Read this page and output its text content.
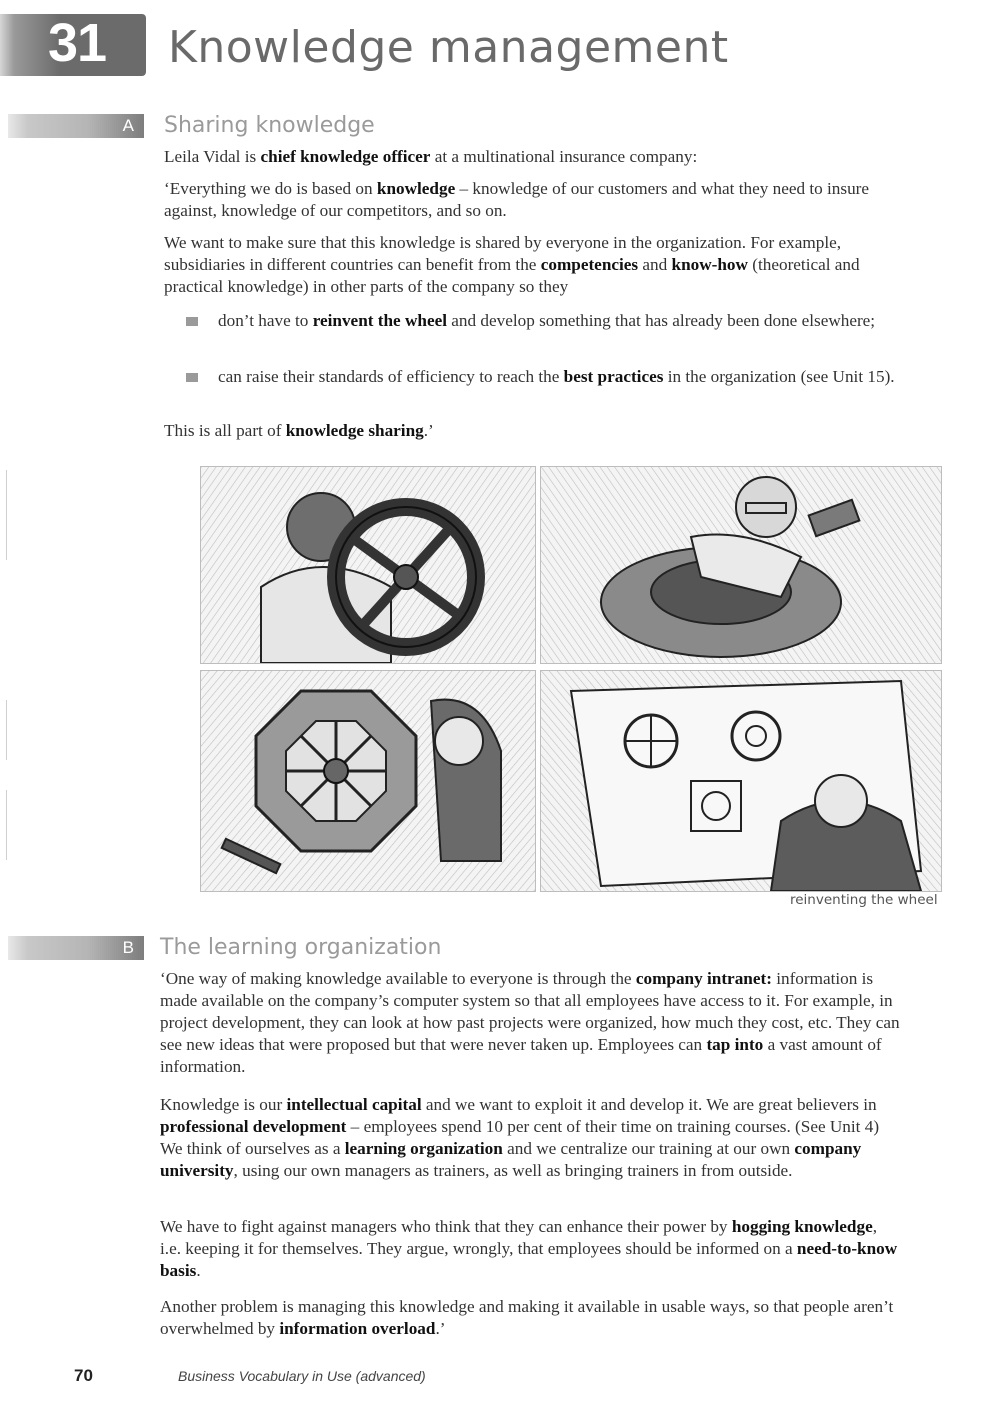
31 Knowledge management
A Sharing knowledge

Leila Vidal is chief knowledge officer at a multinational insurance company:

‘Everything we do is based on knowledge – knowledge of our customers and what they need to insure against, knowledge of our competitors, and so on.

We want to make sure that this knowledge is shared by everyone in the organization. For example, subsidiaries in different countries can benefit from the competencies and know-how (theoretical and practical knowledge) in other parts of the company so they

don’t have to reinvent the wheel and develop something that has already been done elsewhere;
can raise their standards of efficiency to reach the best practices in the organization (see Unit 15).

This is all part of knowledge sharing.’

reinventing the wheel
B The learning organization

‘One way of making knowledge available to everyone is through the company intranet: information is made available on the company’s computer system so that all employees have access to it. For example, in project development, they can look at how past projects were organized, how much they cost, etc. They can see new ideas that were proposed but that were never taken up. Employees can tap into a vast amount of information.

Knowledge is our intellectual capital and we want to exploit it and develop it. We are great believers in professional development – employees spend 10 per cent of their time on training courses. (See Unit 4) We think of ourselves as a learning organization and we centralize our training at our own company university, using our own managers as trainers, as well as bringing trainers in from outside.

We have to fight against managers who think that they can enhance their power by hogging knowledge, i.e. keeping it for themselves. They argue, wrongly, that employees should be informed on a need-to-know basis.

Another problem is managing this knowledge and making it available in usable ways, so that people aren’t overwhelmed by information overload.’

70	Business Vocabulary in Use (advanced)
